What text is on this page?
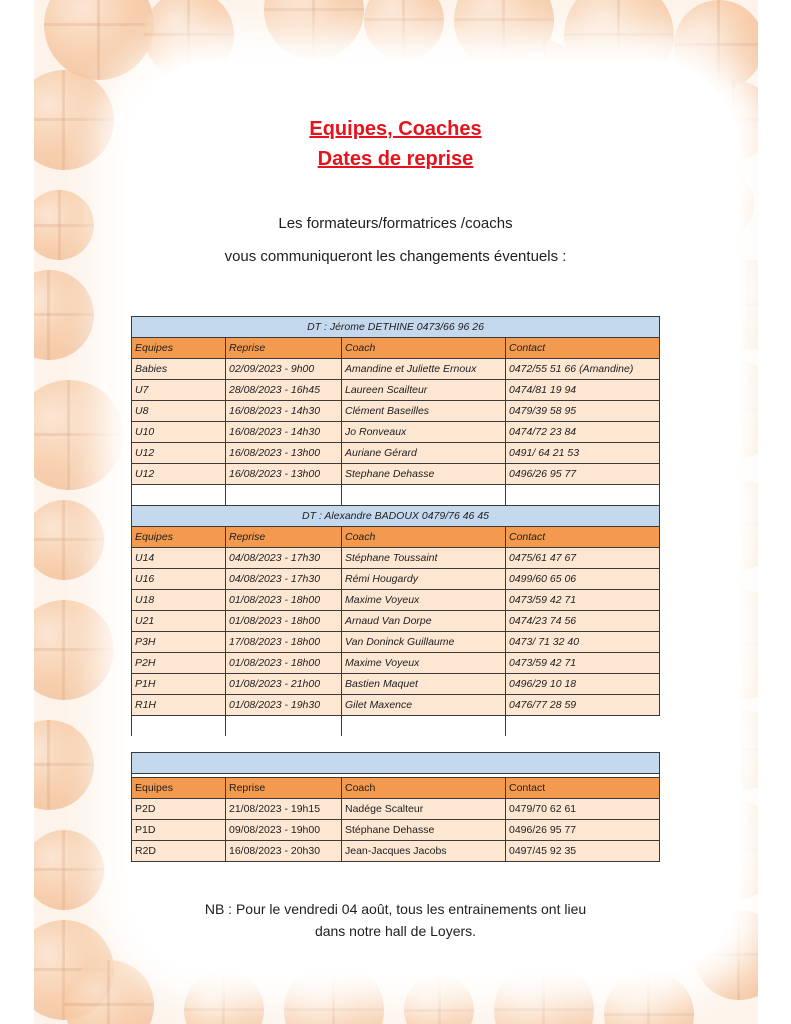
Equipes, Coaches
Dates de reprise
Les formateurs/formatrices /coachs
vous communiqueront les changements éventuels :
DT : Jérome DETHINE 0473/66 96 26			
Equipes	Reprise	Coach	Contact
Babies	02/09/2023 - 9h00	Amandine et Juliette Ernoux	0472/55 51 66 (Amandine)
U7	28/08/2023 - 16h45	Laureen Scailteur	0474/81 19 94
U8	16/08/2023 - 14h30	Clément Baseilles	0479/39 58 95
U10	16/08/2023 - 14h30	Jo Ronveaux	0474/72 23 84
U12	16/08/2023 - 13h00	Auriane Gérard	0491/ 64 21 53
U12	16/08/2023 - 13h00	Stephane Dehasse	0496/26 95 77

DT : Alexandre BADOUX 0479/76 46 45			
Equipes	Reprise	Coach	Contact
U14	04/08/2023 - 17h30	Stéphane Toussaint	0475/61 47 67
U16	04/08/2023 - 17h30	Rémi Hougardy	0499/60 65 06
U18	01/08/2023 - 18h00	Maxime Voyeux	0473/59 42 71
U21	01/08/2023 - 18h00	Arnaud Van Dorpe	0474/23 74 56
P3H	17/08/2023 - 18h00	Van Doninck Guillaume	0473/ 71 32 40
P2H	01/08/2023 - 18h00	Maxime Voyeux	0473/59 42 71
P1H	01/08/2023 - 21h00	Bastien Maquet	0496/29 10 18
R1H	01/08/2023 - 19h30	Gilet Maxence	0476/77 28 59

Equipes	Reprise	Coach	Contact
P2D	21/08/2023 - 19h15	Nadége Scalteur	0479/70 62 61
P1D	09/08/2023 - 19h00	Stéphane Dehasse	0496/26 95 77
R2D	16/08/2023 - 20h30	Jean-Jacques Jacobs	0497/45 92 35
NB : Pour le vendredi 04 août, tous les entrainements ont lieu
dans notre hall de Loyers.
